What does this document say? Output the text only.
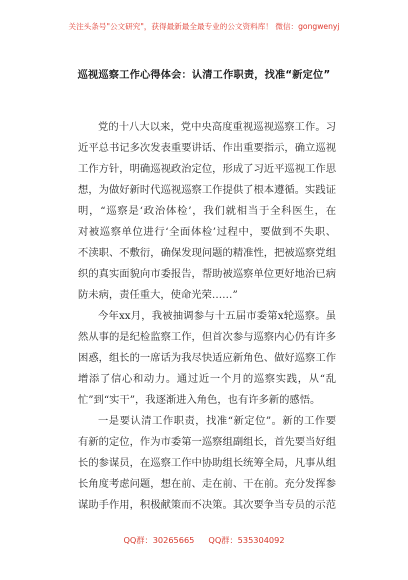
关注头条号"公文研究"，获得最新最全最专业的公文资料库！ 微信：gongwenyj
巡视巡察工作心得体会：认清工作职责，找准“新定位”
党的十八大以来，党中央高度重视巡视巡察工作。习
近平总书记多次发表重要讲话、作出重要指示，确立巡视
工作方针，明确巡视政治定位，形成了习近平巡视工作思
想，为做好新时代巡视巡察工作提供了根本遵循。实践证
明，“巡察是‘政治体检’，我们就相当于全科医生，在
对被巡察单位进行‘全面体检’过程中，要做到不失职、
不渎职、不敷衍，确保发现问题的精准性，把被巡察党组
织的真实面貌向市委报告，帮助被巡察单位更好地治已病
防未病，责任重大，使命光荣……”
今年xx月，我被抽调参与十五届市委第x轮巡察。虽
然从事的是纪检监察工作，但首次参与巡察内心仍有许多
困惑，组长的一席话为我尽快适应新角色、做好巡察工作
增添了信心和动力。通过近一个月的巡察实践，从“乱
忙”到“实干”，我逐渐进入角色，也有许多新的感悟。
一是要认清工作职责，找准“新定位”。新的工作要
有新的定位，作为市委第一巡察组副组长，首先要当好组
长的参谋员，在巡察工作中协助组长统筹全局，凡事从组
长角度考虑问题，想在前、走在前、干在前。充分发挥参
谋助手作用，积极献策而不决策。其次要争当专员的示范
QQ群：30265665 QQ群：535304092
